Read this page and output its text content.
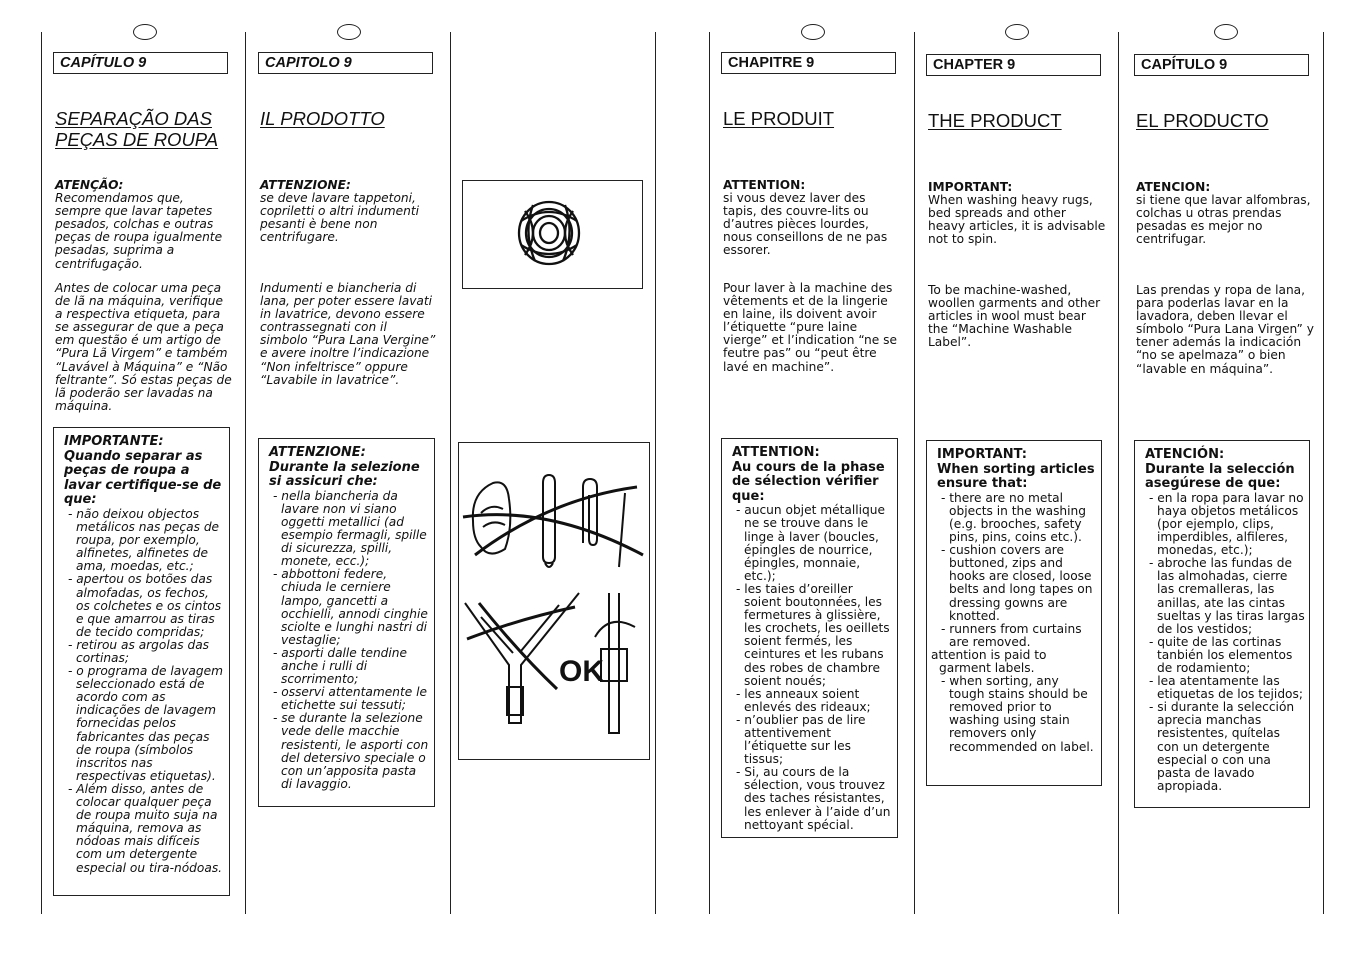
CAPÍTULO 9
SEPARAÇÃO DAS
PEÇAS DE ROUPA
ATENÇÃO:
Recomendamos que, sempre que lavar tapetes pesados, colchas e outras peças de roupa igualmente pesadas, suprima a centrifugação.
Antes de colocar uma peça de lã na máquina, verifique a respectiva etiqueta, para se assegurar de que a peça em questão é um artigo de “Pura Lã Virgem” e também “Lavável à Máquina” e “Não feltrante”. Só estas peças de lã poderão ser lavadas na máquina.
IMPORTANTE:
Quando separar as peças de roupa a lavar certifique-se de que:
- não deixou objectos metálicos nas peças de roupa, por exemplo, alfinetes, alfinetes de ama, moedas, etc.;
- apertou os botões das almofadas, os fechos, os colchetes e os cintos e que amarrou as tiras de tecido compridas;
- retirou as argolas das cortinas;
- o programa de lavagem seleccionado está de acordo com as indicações de lavagem fornecidas pelos fabricantes das peças de roupa (símbolos inscritos nas respectivas etiquetas).
- Além disso, antes de colocar qualquer peça de roupa muito suja na máquina, remova as nódoas mais difíceis com um detergente especial ou tira-nódoas.
CAPITOLO 9
IL PRODOTTO
ATTENZIONE:
se deve lavare tappetoni, copriletti o altri indumenti pesanti è bene non centrifugare.
Indumenti e biancheria di lana, per poter essere lavati in lavatrice, devono essere contrassegnati con il simbolo “Pura Lana Vergine” e avere inoltre l’indicazione “Non infeltrisce” oppure “Lavabile in lavatrice”.
ATTENZIONE:
Durante la selezione si assicuri che:
- nella biancheria da lavare non vi siano oggetti metallici (ad esempio fermagli, spille di sicurezza, spilli, monete, ecc.);
- abbottoni federe, chiuda le cerniere lampo, gancetti a occhielli, annodi cinghie sciolte e lunghi nastri di vestaglie;
- asporti dalle tendine anche i rulli di scorrimento;
- osservi attentamente le etichette sui tessuti;
- se durante la selezione vede delle macchie resistenti, le asporti con del detersivo speciale o con un’apposita pasta di lavaggio.
OK
CHAPITRE 9
LE PRODUIT
ATTENTION:
si vous devez laver des tapis, des couvre-lits ou d’autres pièces lourdes, nous conseillons de ne pas essorer.
Pour laver à la machine des vêtements et de la lingerie en laine, ils doivent avoir l’étiquette “pure laine vierge” et l’indication “ne se feutre pas” ou “peut être lavé en machine”.
ATTENTION:
Au cours de la phase de sélection vérifier que:
- aucun objet métallique ne se trouve dans le linge à laver (boucles, épingles de nourrice, épingles, monnaie, etc.);
- les taies d’oreiller soient boutonnées, les fermetures à glissière, les crochets, les oeillets soient fermés, les ceintures et les rubans des robes de chambre soient noués;
- les anneaux soient enlevés des rideaux;
- n’oublier pas de lire attentivement l’étiquette sur les tissus;
- Si, au cours de la sélection, vous trouvez des taches résistantes, les enlever à l’aide d’un nettoyant spécial.
CHAPTER 9
THE PRODUCT
IMPORTANT:
When washing heavy rugs, bed spreads and other heavy articles, it is advisable not to spin.
To be machine-washed, woollen garments and other articles in wool must bear the “Machine Washable Label”.
IMPORTANT:
When sorting articles ensure that:
- there are no metal objects in the washing (e.g. brooches, safety pins, pins, coins etc.).
- cushion covers are buttoned, zips and hooks are closed, loose belts and long tapes on dressing gowns are knotted.
- runners from curtains are removed.
attention is paid to garment labels.
- when sorting, any tough stains should be removed prior to washing using stain removers only recommended on label.
CAPÍTULO 9
EL PRODUCTO
ATENCION:
si tiene que lavar alfombras, colchas u otras prendas pesadas es mejor no centrifugar.
Las prendas y ropa de lana, para poderlas lavar en la lavadora, deben llevar el símbolo “Pura Lana Virgen” y tener además la indicación “no se apelmaza” o bien “lavable en máquina”.
ATENCIÓN:
Durante la selección asegúrese de que:
- en la ropa para lavar no haya objetos metálicos (por ejemplo, clips, imperdibles, alfileres, monedas, etc.);
- abroche las fundas de las almohadas, cierre las cremalleras, las anillas, ate las cintas sueltas y las tiras largas de los vestidos;
- quite de las cortinas tanbién los elementos de rodamiento;
- lea atentamente las etiquetas de los tejidos;
- si durante la selección aprecia manchas resistentes, quítelas con un detergente especial o con una pasta de lavado apropiada.
